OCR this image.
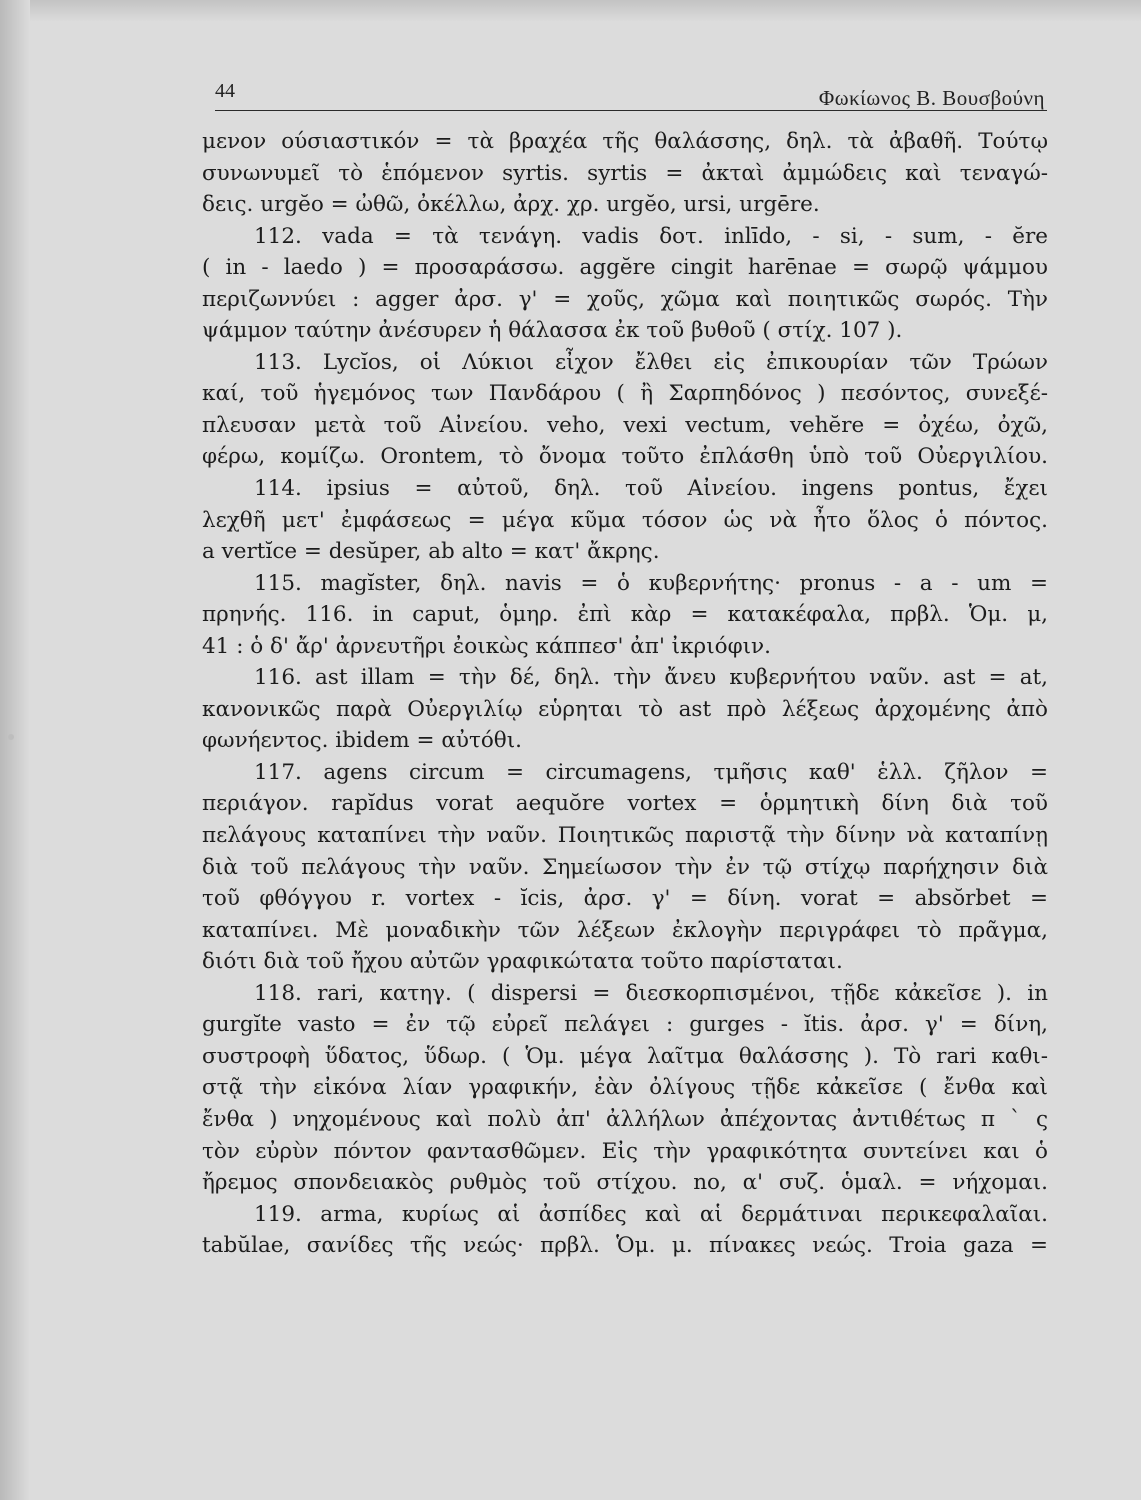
44	Φωκίωνος Β. Βουσβούνη
μενον ούσιαστικόν = τὰ βραχέα τῆς θαλάσσης, δηλ. τὰ ἀβαθῆ. Τούτῳ
συνωνυμεῖ τὸ ἑπόμενον syrtis. syrtis = ἀκταὶ ἀμμώδεις καὶ τεναγώ-
δεις. urgĕo = ὠθῶ, ὀκέλλω, ἀρχ. χρ. urgĕo, ursi, urgēre.
112. vada = τὰ τενάγη. vadis δοτ. inlīdo, - si, - sum, - ĕre
( in - laedo ) = προσαράσσω. aggĕre cingit harēnae = σωρῷ ψάμμου
περιζωννύει : agger ἀρσ. γ' = χοῦς, χῶμα καὶ ποιητικῶς σωρός. Τὴν
ψάμμον ταύτην ἀνέσυρεν ἡ θάλασσα ἐκ τοῦ βυθοῦ ( στίχ. 107 ).
113. Lycĭos, οἱ Λύκιοι εἶχον ἔλθει εἰς ἐπικουρίαν τῶν Τρώων
καί, τοῦ ἡγεμόνος των Πανδάρου ( ἢ Σαρπηδόνος ) πεσόντος, συνεξέ-
πλευσαν μετὰ τοῦ Αἰνείου. veho, vexi vectum, vehĕre = ὀχέω, ὀχῶ,
φέρω, κομίζω. Orontem, τὸ ὄνομα τοῦτο ἐπλάσθη ὑπὸ τοῦ Οὐεργιλίου.
114. ipsius = αὐτοῦ, δηλ. τοῦ Αἰνείου. ingens pontus, ἔχει
λεχθῆ μετ' ἐμφάσεως = μέγα κῦμα τόσον ὡς νὰ ἦτο ὅλος ὁ πόντος.
a vertĭce = desŭper, ab alto = κατ' ἄκρης.
115. magĭster, δηλ. navis = ὁ κυβερνήτης· pronus - a - um =
πρηνής. 116. in caput, ὁμηρ. ἐπὶ κὰρ = κατακέφαλα, πρβλ. Ὁμ. μ,
41 : ὁ δ' ἄρ' ἀρνευτῆρι ἐοικὼς κάππεσ' ἀπ' ἰκριόφιν.
116. ast illam = τὴν δέ, δηλ. τὴν ἄνευ κυβερνήτου ναῦν. ast = at,
κανονικῶς παρὰ Οὐεργιλίῳ εὑρηται τὸ ast πρὸ λέξεως ἀρχομένης ἀπὸ
φωνήεντος. ibidem = αὐτόθι.
117. agens circum = circumagens, τμῆσις καθ' ἑλλ. ζῆλον =
περιάγον. rapĭdus vorat aequŏre vortex = ὁρμητικὴ δίνη διὰ τοῦ
πελάγους καταπίνει τὴν ναῦν. Ποιητικῶς παριστᾷ τὴν δίνην νὰ καταπίνῃ
διὰ τοῦ πελάγους τὴν ναῦν. Σημείωσον τὴν ἐν τῷ στίχῳ παρήχησιν διὰ
τοῦ φθόγγου r. vortex - ĭcis, ἀρσ. γ' = δίνη. vorat = absŏrbet =
καταπίνει. Μὲ μοναδικὴν τῶν λέξεων ἐκλογὴν περιγράφει τὸ πρᾶγμα,
διότι διὰ τοῦ ἤχου αὐτῶν γραφικώτατα τοῦτο παρίσταται.
118. rari, κατηγ. ( dispersi = διεσκορπισμένοι, τῇδε κἀκεῖσε ). in
gurgĭte vasto = ἐν τῷ εὐρεῖ πελάγει : gurges - ĭtis. ἀρσ. γ' = δίνη,
συστροφὴ ὕδατος, ὕδωρ. ( Ὁμ. μέγα λαῖτμα θαλάσσης ). Τὸ rari καθι-
στᾷ τὴν εἰκόνα λίαν γραφικήν, ἐὰν ὀλίγους τῇδε κἀκεῖσε ( ἔνθα καὶ
ἔνθα ) νηχομένους καὶ πολὺ ἀπ' ἀλλήλων ἀπέχοντας ἀντιθέτως π ` ς
τὸν εὐρὺν πόντον φαντασθῶμεν. Εἰς τὴν γραφικότητα συντείνει και ὁ
ἤρεμος σπονδειακὸς ρυθμὸς τοῦ στίχου. no, α' συζ. ὁμαλ. = νήχομαι.
119. arma, κυρίως αἱ ἀσπίδες καὶ αἱ δερμάτιναι περικεφαλαῖαι.
tabŭlae, σανίδες τῆς νεώς· πρβλ. Ὁμ. μ. πίνακες νεώς. Troia gaza =
